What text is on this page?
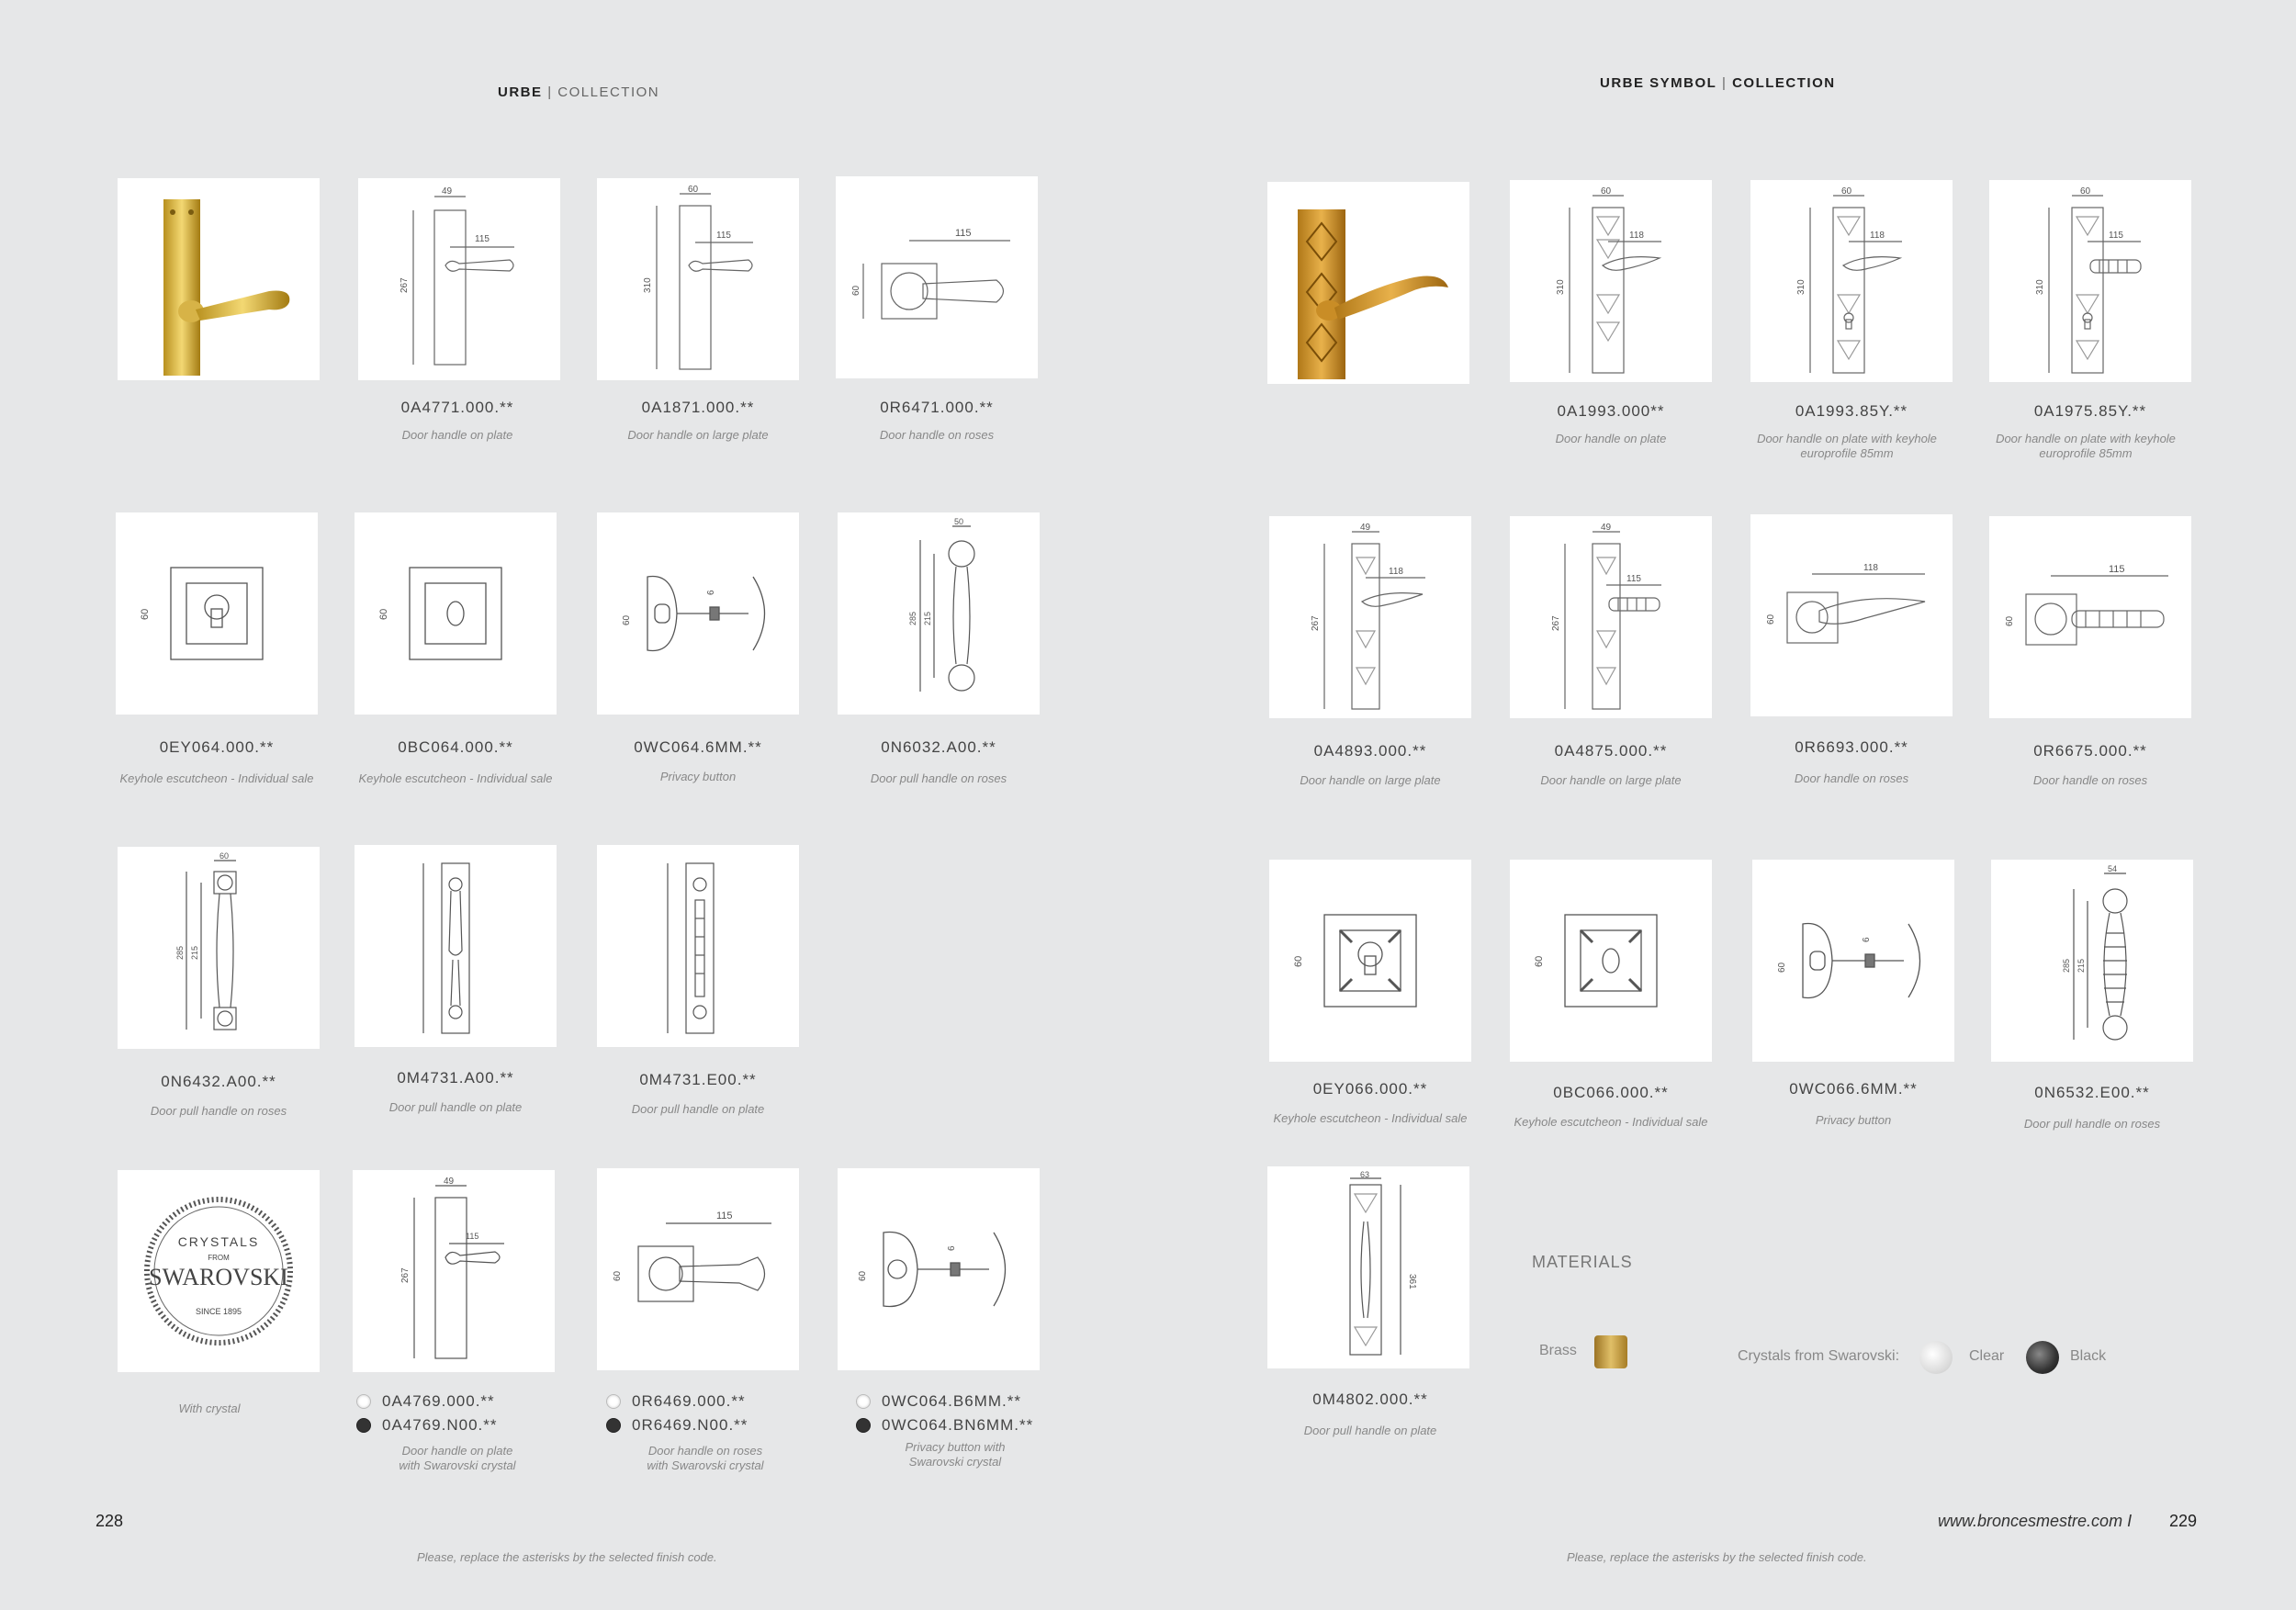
URBE | COLLECTION
URBE SYMBOL | COLLECTION
49
115
267
60
115
310
115
60
0A4771.000.**
Door handle on plate
0A1871.000.**
Door handle on large plate
0R6471.000.**
Door handle on roses
60	60
6
60
50
285 215
0EY064.000.**
Keyhole escutcheon - Individual sale
0BC064.000.**
Keyhole escutcheon - Individual sale
0WC064.6MM.**
Privacy button
0N6032.A00.**
Door pull handle on roses
60
285 215
0N6432.A00.**
Door pull handle on roses
0M4731.A00.**
Door pull handle on plate
0M4731.E00.**
Door pull handle on plate
CRYSTALS
FROM
SWAROVSKI
SINCE 1895
With crystal
49
115
267
115
60
6
60
0A4769.000.**
0A4769.N00.**
Door handle on plate
with Swarovski crystal
0R6469.000.**
0R6469.N00.**
Door handle on roses
with Swarovski crystal
0WC064.B6MM.**
0WC064.BN6MM.**
Privacy button with
Swarovski crystal
60
118
310
60
118
310
60
115
310
0A1993.000**
Door handle on plate
0A1993.85Y.**
Door handle on plate with keyhole europrofile 85mm
0A1975.85Y.**
Door handle on plate with keyhole europrofile 85mm
49
118
267
49
115
267
118
60
115
60
0A4893.000.**
Door handle on large plate
0A4875.000.**
Door handle on large plate
0R6693.000.**
Door handle on roses
0R6675.000.**
Door handle on roses
60	60
6
60
54
285 215
0EY066.000.**
Keyhole escutcheon - Individual sale
0BC066.000.**
Keyhole escutcheon - Individual sale
0WC066.6MM.**
Privacy button
0N6532.E00.**
Door pull handle on roses
63
361
0M4802.000.**
Door pull handle on plate
MATERIALS
Brass	Crystals from Swarovski:	Clear	Black
228	www.broncesmestre.com I 229
Please, replace the asterisks by the selected finish code.	Please, replace the asterisks by the selected finish code.
